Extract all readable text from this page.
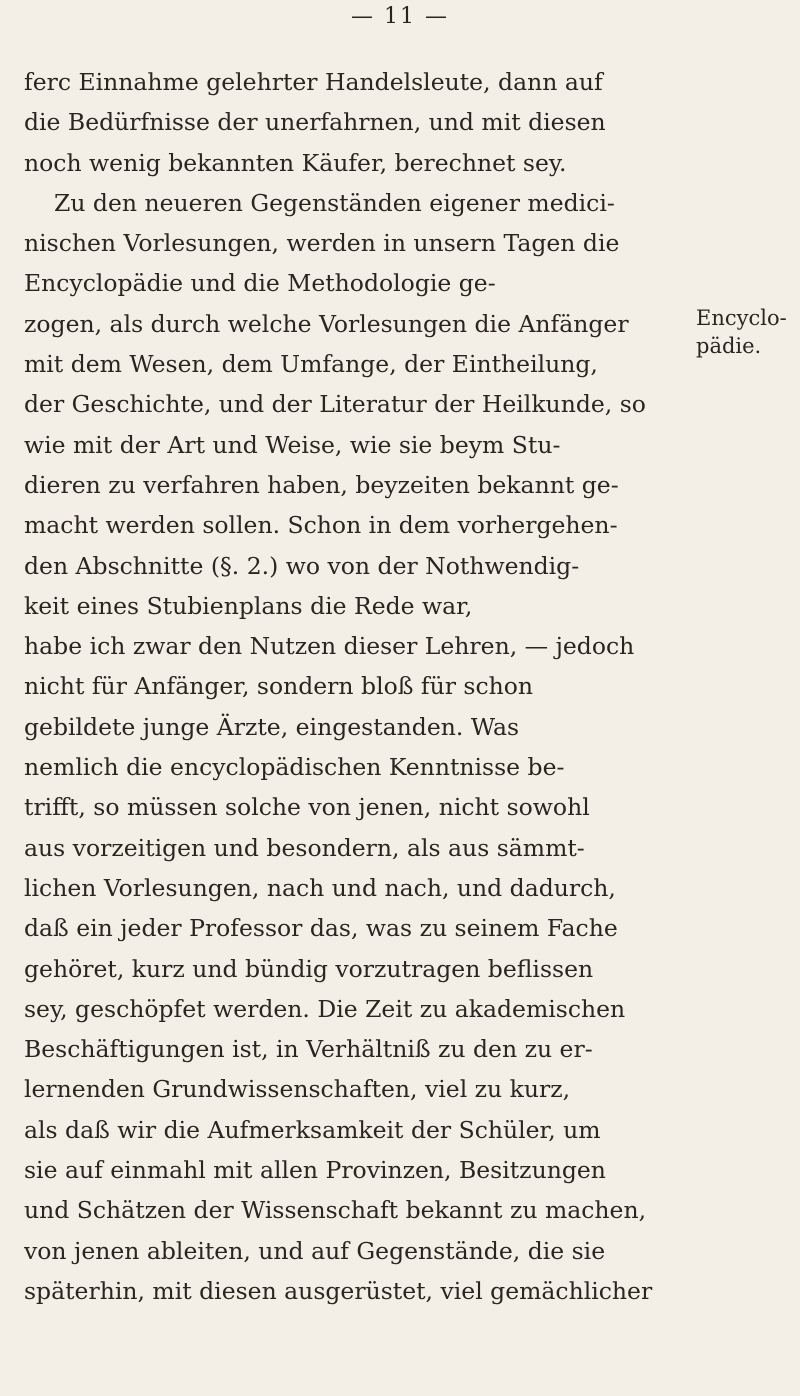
— 11 —
Encyclo-
pädie.
ferc Einnahme gelehrter Handelsleute, dann auf
die Bedürfnisse der unerfahrnen, und mit diesen
noch wenig bekannten Käufer, berechnet sey.
Zu den neueren Gegenständen eigener medici-
nischen Vorlesungen, werden in unsern Tagen die
Encyclopädie und die Methodologie ge-
zogen, als durch welche Vorlesungen die Anfänger
mit dem Wesen, dem Umfange, der Eintheilung,
der Geschichte, und der Literatur der Heilkunde, so
wie mit der Art und Weise, wie sie beym Stu-
dieren zu verfahren haben, beyzeiten bekannt ge-
macht werden sollen. Schon in dem vorhergehen-
den Abschnitte (§. 2.) wo von der Nothwendig-
keit eines Stubienplans die Rede war,
habe ich zwar den Nutzen dieser Lehren, — jedoch
nicht für Anfänger, sondern bloß für schon
gebildete junge Ärzte, eingestanden. Was
nemlich die encyclopädischen Kenntnisse be-
trifft, so müssen solche von jenen, nicht sowohl
aus vorzeitigen und besondern, als aus sämmt-
lichen Vorlesungen, nach und nach, und dadurch,
daß ein jeder Professor das, was zu seinem Fache
gehöret, kurz und bündig vorzutragen beflissen
sey, geschöpfet werden. Die Zeit zu akademischen
Beschäftigungen ist, in Verhältniß zu den zu er-
lernenden Grundwissenschaften, viel zu kurz,
als daß wir die Aufmerksamkeit der Schüler, um
sie auf einmahl mit allen Provinzen, Besitzungen
und Schätzen der Wissenschaft bekannt zu machen,
von jenen ableiten, und auf Gegenstände, die sie
späterhin, mit diesen ausgerüstet, viel gemächlicher
